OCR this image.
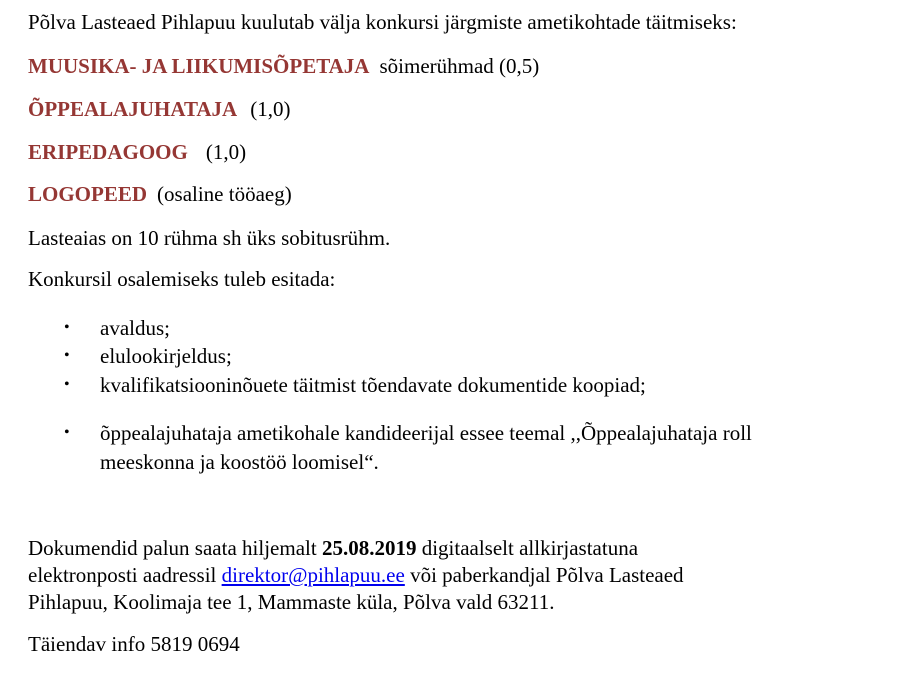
Põlva Lasteaed Pihlapuu kuulutab välja konkursi järgmiste ametikohtade täitmiseks:
MUUSIKA- JA LIIKUMISÕPETAJA sõimerühmad (0,5)
ÕPPEALAJUHATAJA (1,0)
ERIPEDAGOOG (1,0)
LOGOPEED (osaline tööaeg)
Lasteaias on 10 rühma sh üks sobitusrühm.
Konkursil osalemiseks tuleb esitada:
• avaldus;
• elulookirjeldus;
• kvalifikatsiooninõuete täitmist tõendavate dokumentide koopiad;
• õppealajuhataja ametikohale kandideerijal essee teemal ,,Õppealajuhataja roll
meeskonna ja koostöö loomisel“.
Dokumendid palun saata hiljemalt 25.08.2019 digitaalselt allkirjastatuna
elektronposti aadressil direktor@pihlapuu.ee või paberkandjal Põlva Lasteaed
Pihlapuu, Koolimaja tee 1, Mammaste küla, Põlva vald 63211.
Täiendav info 5819 0694
